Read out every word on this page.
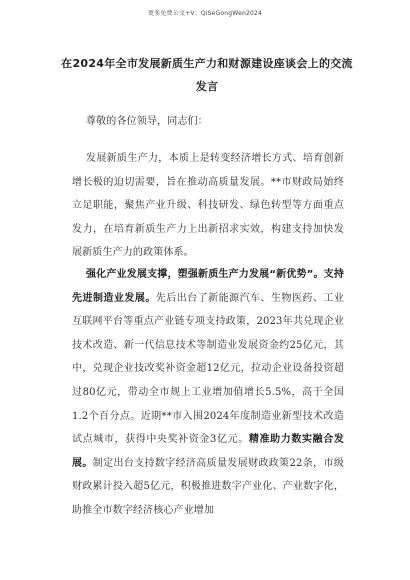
更多免费公文+V：QiSeGongWen2024
在2024年全市发展新质生产力和财源建设座谈会上的交流
发言
尊敬的各位领导，同志们：
发展新质生产力，本质上是转变经济增长方式、培育创新增长极的迫切需要，旨在推动高质量发展。**市财政局始终立足职能，聚焦产业升级、科技研发、绿色转型等方面重点发力，在培育新质生产力上出新招求实效，构建支持加快发展新质生产力的政策体系。
强化产业发展支撑，塑强新质生产力发展“新优势”。支持先进制造业发展。先后出台了新能源汽车、生物医药、工业互联网平台等重点产业链专项支持政策，2023年共兑现企业技术改造、新一代信息技术等制造业发展资金约25亿元，其中，兑现企业技改奖补资金超12亿元，拉动企业设备投资超过80亿元，带动全市规上工业增加值增长5.5%，高于全国1.2个百分点。近期**市入围2024年度制造业新型技术改造试点城市，获得中央奖补资金3亿元。精准助力数实融合发展。制定出台支持数字经济高质量发展财政政策22条，市级财政累计投入超5亿元，积极推进数字产业化、产业数字化，助推全市数字经济核心产业增加
